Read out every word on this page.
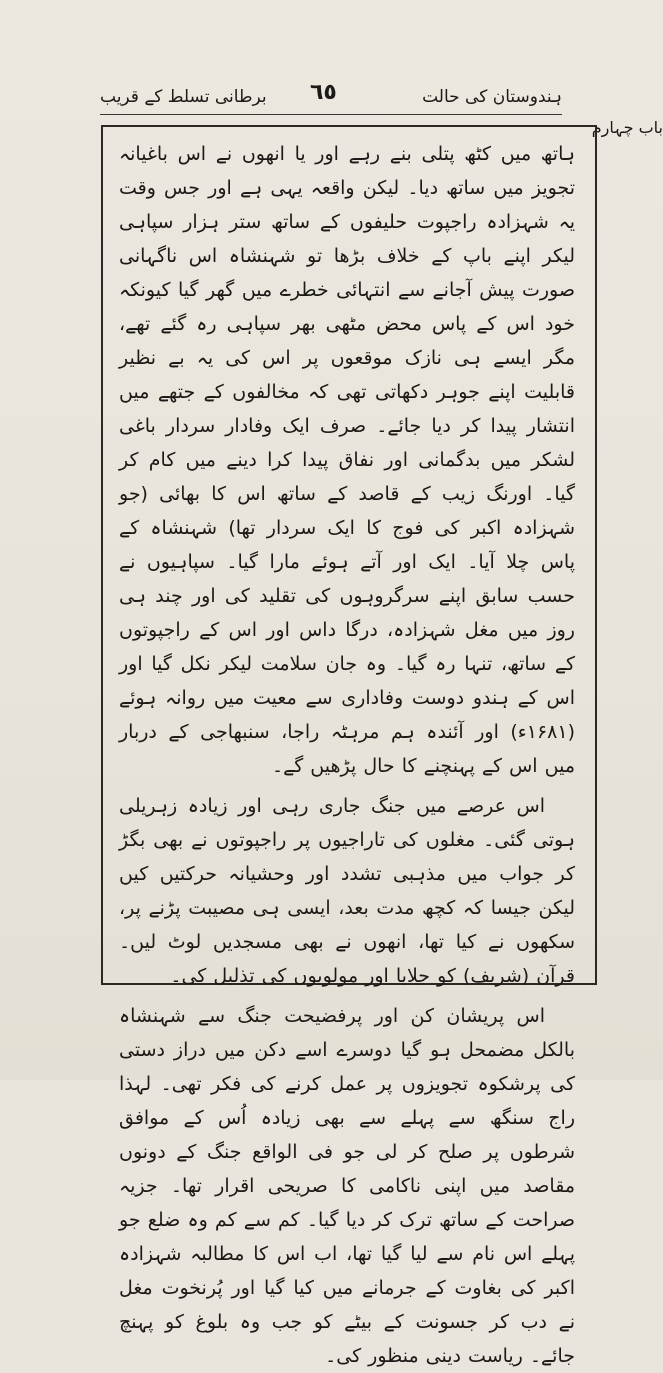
برطانی تسلط کے قریب ٦٥	ہندوستان کی حالت
باب چہارم

ہاتھ میں کٹھ پتلی بنے رہے اور یا انھوں نے اس باغیانہ تجویز میں ساتھ دیا۔ لیکن واقعہ یہی ہے اور جس وقت یہ شہزادہ راجپوت حلیفوں کے ساتھ ستر ہزار سپاہی لیکر اپنے باپ کے خلاف بڑھا تو شہنشاہ اس ناگہانی صورت پیش آجانے سے انتہائی خطرے میں گھر گیا کیونکہ خود اس کے پاس محض مٹھی بھر سپاہی رہ گئے تھے، مگر ایسے ہی نازک موقعوں پر اس کی یہ بے نظیر قابلیت اپنے جوہر دکھاتی تھی کہ مخالفوں کے جتھے میں انتشار پیدا کر دیا جائے۔ صرف ایک وفادار سردار باغی لشکر میں بدگمانی اور نفاق پیدا کرا دینے میں کام کر گیا۔ اورنگ زیب کے قاصد کے ساتھ اس کا بھائی (جو شہزادہ اکبر کی فوج کا ایک سردار تھا) شہنشاہ کے پاس چلا آیا۔ ایک اور آتے ہوئے مارا گیا۔ سپاہیوں نے حسب سابق اپنے سرگروہوں کی تقلید کی اور چند ہی روز میں مغل شہزادہ، درگا داس اور اس کے راجپوتوں کے ساتھ، تنہا رہ گیا۔ وہ جان سلامت لیکر نکل گیا اور اس کے ہندو دوست وفاداری سے معیت میں روانہ ہوئے (۱۶۸۱ء) اور آئندہ ہم مرہٹہ راجا، سنبھاجی کے دربار میں اس کے پہنچنے کا حال پڑھیں گے۔

اس عرصے میں جنگ جاری رہی اور زیادہ زہریلی ہوتی گئی۔ مغلوں کی تاراجیوں پر راجپوتوں نے بھی بگڑ کر جواب میں مذہبی تشدد اور وحشیانہ حرکتیں کیں لیکن جیسا کہ کچھ مدت بعد، ایسی ہی مصیبت پڑنے پر، سکھوں نے کیا تھا، انھوں نے بھی مسجدیں لوٹ لیں۔ قرآن (شریف) کو جلایا اور مولویوں کی تذلیل کی۔

اس پریشان کن اور پرفضیحت جنگ سے شہنشاہ بالکل مضمحل ہو گیا دوسرے اسے دکن میں دراز دستی کی پرشکوہ تجویزوں پر عمل کرنے کی فکر تھی۔ لہذا راج سنگھ سے پہلے سے بھی زیادہ اُس کے موافق شرطوں پر صلح کر لی جو فی الواقع جنگ کے دونوں مقاصد میں اپنی ناکامی کا صریحی اقرار تھا۔ جزیہ صراحت کے ساتھ ترک کر دیا گیا۔ کم سے کم وہ ضلع جو پہلے اس نام سے لیا گیا تھا، اب اس کا مطالبہ شہزادہ اکبر کی بغاوت کے جرمانے میں کیا گیا اور پُرنخوت مغل نے دب کر جسونت کے بیٹے کو جب وہ بلوغ کو پہنچ جائے۔ ریاست دینی منظور کی۔
